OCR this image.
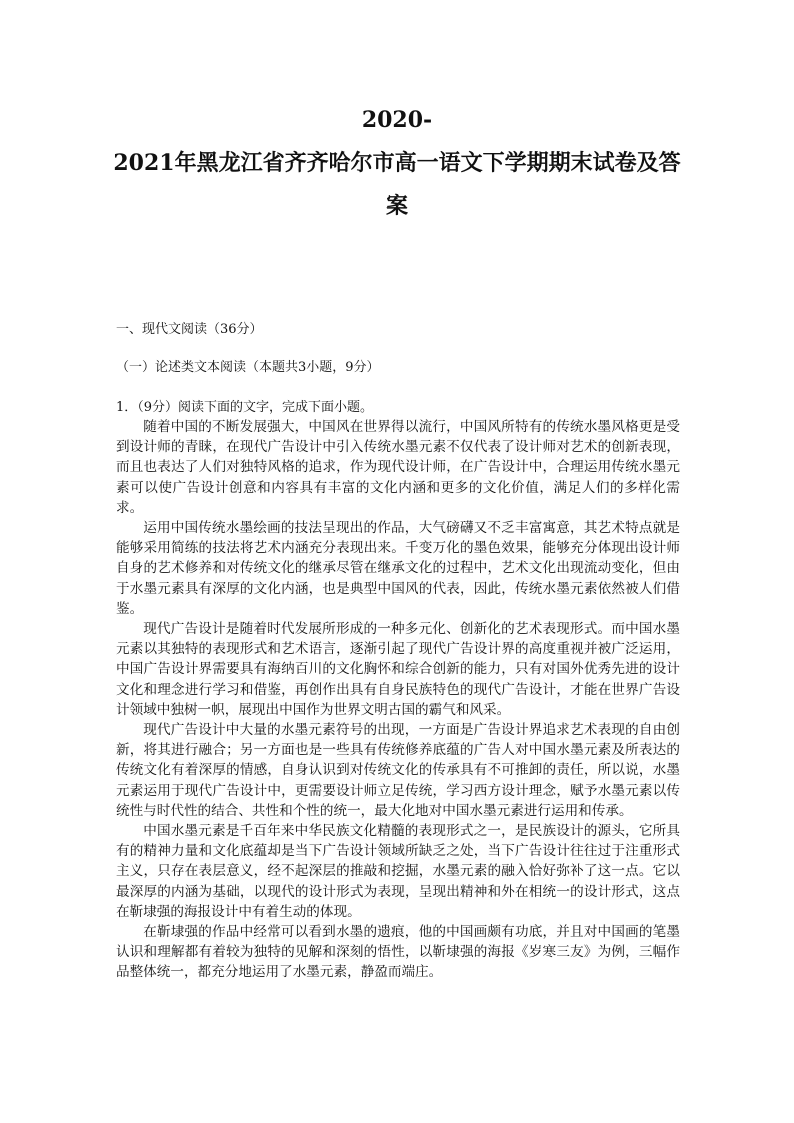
2020-
2021年黑龙江省齐齐哈尔市高一语文下学期期末试卷及答
案
一、现代文阅读（36分）
（一）论述类文本阅读（本题共3小题，9分）
1．（9分）阅读下面的文字，完成下面小题。

随着中国的不断发展强大，中国风在世界得以流行，中国风所特有的传统水墨风格更是受到设计师的青睐，在现代广告设计中引入传统水墨元素不仅代表了设计师对艺术的创新表现，而且也表达了人们对独特风格的追求，作为现代设计师，在广告设计中，合理运用传统水墨元素可以使广告设计创意和内容具有丰富的文化内涵和更多的文化价值，满足人们的多样化需求。

运用中国传统水墨绘画的技法呈现出的作品，大气磅礴又不乏丰富寓意，其艺术特点就是能够采用简练的技法将艺术内涵充分表现出来。千变万化的墨色效果，能够充分体现出设计师自身的艺术修养和对传统文化的继承尽管在继承文化的过程中，艺术文化出现流动变化，但由于水墨元素具有深厚的文化内涵，也是典型中国风的代表，因此，传统水墨元素依然被人们借鉴。

现代广告设计是随着时代发展所形成的一种多元化、创新化的艺术表现形式。而中国水墨元素以其独特的表现形式和艺术语言，逐渐引起了现代广告设计界的高度重视并被广泛运用，中国广告设计界需要具有海纳百川的文化胸怀和综合创新的能力，只有对国外优秀先进的设计文化和理念进行学习和借鉴，再创作出具有自身民族特色的现代广告设计，才能在世界广告设计领域中独树一帜，展现出中国作为世界文明古国的霸气和风采。

现代广告设计中大量的水墨元素符号的出现，一方面是广告设计界追求艺术表现的自由创新，将其进行融合；另一方面也是一些具有传统修养底蕴的广告人对中国水墨元素及所表达的传统文化有着深厚的情感，自身认识到对传统文化的传承具有不可推卸的责任，所以说，水墨元素运用于现代广告设计中，更需要设计师立足传统，学习西方设计理念，赋予水墨元素以传统性与时代性的结合、共性和个性的统一，最大化地对中国水墨元素进行运用和传承。

中国水墨元素是千百年来中华民族文化精髓的表现形式之一，是民族设计的源头，它所具有的精神力量和文化底蕴却是当下广告设计领域所缺乏之处，当下广告设计往往过于注重形式主义，只存在表层意义，经不起深层的推敲和挖掘，水墨元素的融入恰好弥补了这一点。它以最深厚的内涵为基础，以现代的设计形式为表现，呈现出精神和外在相统一的设计形式，这点在靳埭强的海报设计中有着生动的体现。

在靳埭强的作品中经常可以看到水墨的遗痕，他的中国画颇有功底，并且对中国画的笔墨认识和理解都有着较为独特的见解和深刻的悟性，以靳埭强的海报《岁寒三友》为例，三幅作品整体统一，都充分地运用了水墨元素，静盈而端庄。
